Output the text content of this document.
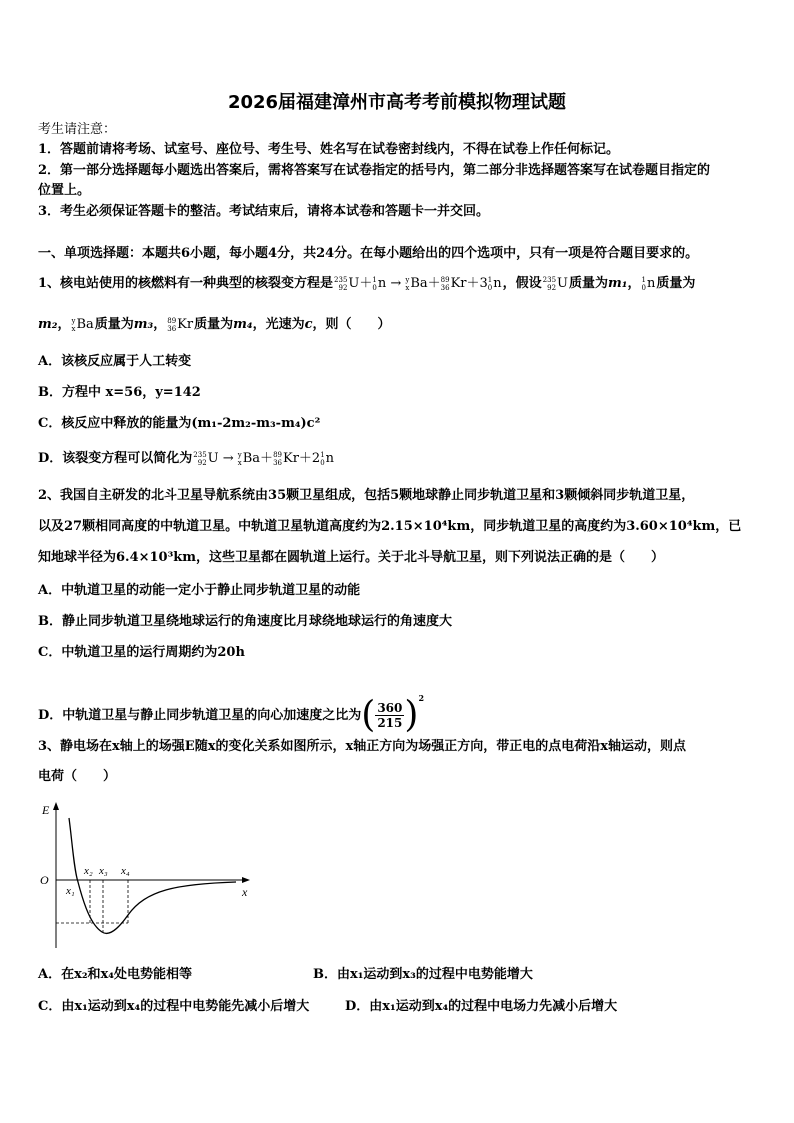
2026届福建漳州市高考考前模拟物理试题
考生请注意：
1．答题前请将考场、试室号、座位号、考生号、姓名写在试卷密封线内，不得在试卷上作任何标记。
2．第一部分选择题每小题选出答案后，需将答案写在试卷指定的括号内，第二部分非选择题答案写在试卷题目指定的
位置上。
3．考生必须保证答题卡的整洁。考试结束后，请将本试卷和答题卡一并交回。
一、单项选择题：本题共6小题，每小题4分，共24分。在每小题给出的四个选项中，只有一项是符合题目要求的。
1、核电站使用的核燃料有一种典型的核裂变方程是235
92U＋1
0n → y
xBa＋89
36Kr＋31
0n，假设235
92U质量为m₁，1
0n质量为
m₂，y
xBa质量为m₃，89
36Kr质量为m₄，光速为c，则（　　）
A．该核反应属于人工转变
B．方程中 x=56，y=142
C．核反应中释放的能量为(m₁-2m₂-m₃-m₄)c²
D．该裂变方程可以简化为235
92U → y
xBa＋89
36Kr＋21
0n
2、我国自主研发的北斗卫星导航系统由35颗卫星组成，包括5颗地球静止同步轨道卫星和3颗倾斜同步轨道卫星，
以及27颗相同高度的中轨道卫星。中轨道卫星轨道高度约为2.15×10⁴km，同步轨道卫星的高度约为3.60×10⁴km，已
知地球半径为6.4×10³km，这些卫星都在圆轨道上运行。关于北斗导航卫星，则下列说法正确的是（　　）
A．中轨道卫星的动能一定小于静止同步轨道卫星的动能
B．静止同步轨道卫星绕地球运行的角速度比月球绕地球运行的角速度大
C．中轨道卫星的运行周期约为20h
D．中轨道卫星与静止同步轨道卫星的向心加速度之比为( $\frac{360}{215} )^2$
3、静电场在x轴上的场强E随x的变化关系如图所示，x轴正方向为场强正方向，带正电的点电荷沿x轴运动，则点
电荷（　　）
E
O
x
x₁
x₂ x₃ x₄
A．在x₂和x₄处电势能相等	B．由x₁运动到x₃的过程中电势能增大
C．由x₁运动到x₄的过程中电势能先减小后增大	D．由x₁运动到x₄的过程中电场力先减小后增大
